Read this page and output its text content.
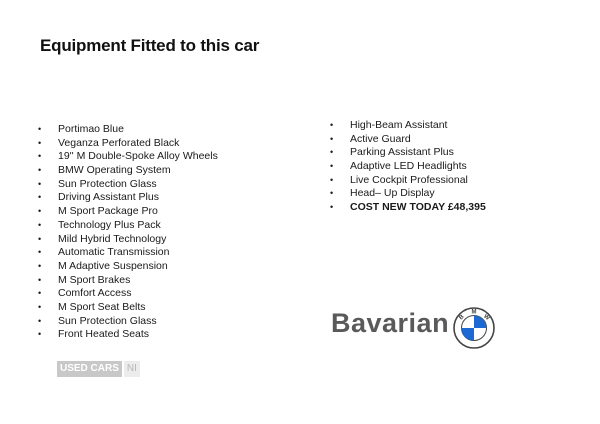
Equipment Fitted to this car
• Portimao Blue
• Veganza Perforated Black
• 19'' M Double-Spoke Alloy Wheels
• BMW Operating System
• Sun Protection Glass
• Driving Assistant Plus
• M Sport Package Pro
• Technology Plus Pack
• Mild Hybrid Technology
• Automatic Transmission
• M Adaptive Suspension
• M Sport Brakes
• Comfort Access
• M Sport Seat Belts
• Sun Protection Glass
• Front Heated Seats
• High-Beam Assistant
• Active Guard
• Parking Assistant Plus
• Adaptive LED Headlights
• Live Cockpit Professional
• Head– Up Display
• COST NEW TODAY £48,395
USED CARS NI
Bavarian B
M
W
